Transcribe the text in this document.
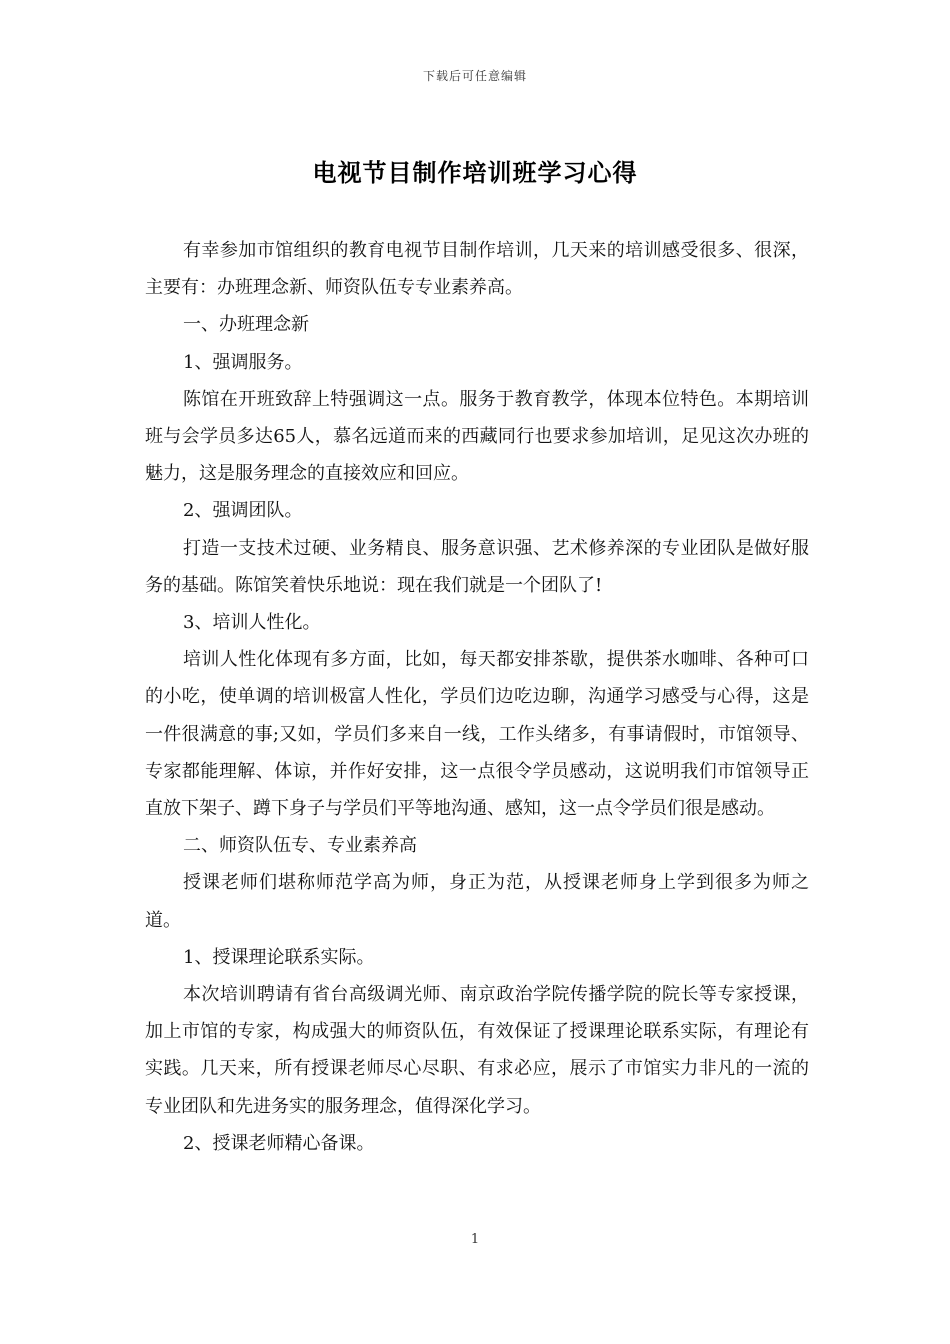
下载后可任意编辑
电视节目制作培训班学习心得

有幸参加市馆组织的教育电视节目制作培训，几天来的培训感受很多、很深，主要有：办班理念新、师资队伍专专业素养高。

一、办班理念新

1、强调服务。

陈馆在开班致辞上特强调这一点。服务于教育教学，体现本位特色。本期培训班与会学员多达65人，慕名远道而来的西藏同行也要求参加培训，足见这次办班的魅力，这是服务理念的直接效应和回应。

2、强调团队。

打造一支技术过硬、业务精良、服务意识强、艺术修养深的专业团队是做好服务的基础。陈馆笑着快乐地说：现在我们就是一个团队了!

3、培训人性化。

培训人性化体现有多方面，比如，每天都安排茶歇，提供茶水咖啡、各种可口的小吃，使单调的培训极富人性化，学员们边吃边聊，沟通学习感受与心得，这是一件很满意的事;又如，学员们多来自一线，工作头绪多，有事请假时，市馆领导、专家都能理解、体谅，并作好安排，这一点很令学员感动，这说明我们市馆领导正直放下架子、蹲下身子与学员们平等地沟通、感知，这一点令学员们很是感动。

二、师资队伍专、专业素养高

授课老师们堪称师范学高为师，身正为范，从授课老师身上学到很多为师之道。

1、授课理论联系实际。

本次培训聘请有省台高级调光师、南京政治学院传播学院的院长等专家授课，加上市馆的专家，构成强大的师资队伍，有效保证了授课理论联系实际，有理论有实践。几天来，所有授课老师尽心尽职、有求必应，展示了市馆实力非凡的一流的专业团队和先进务实的服务理念，值得深化学习。

2、授课老师精心备课。

1
